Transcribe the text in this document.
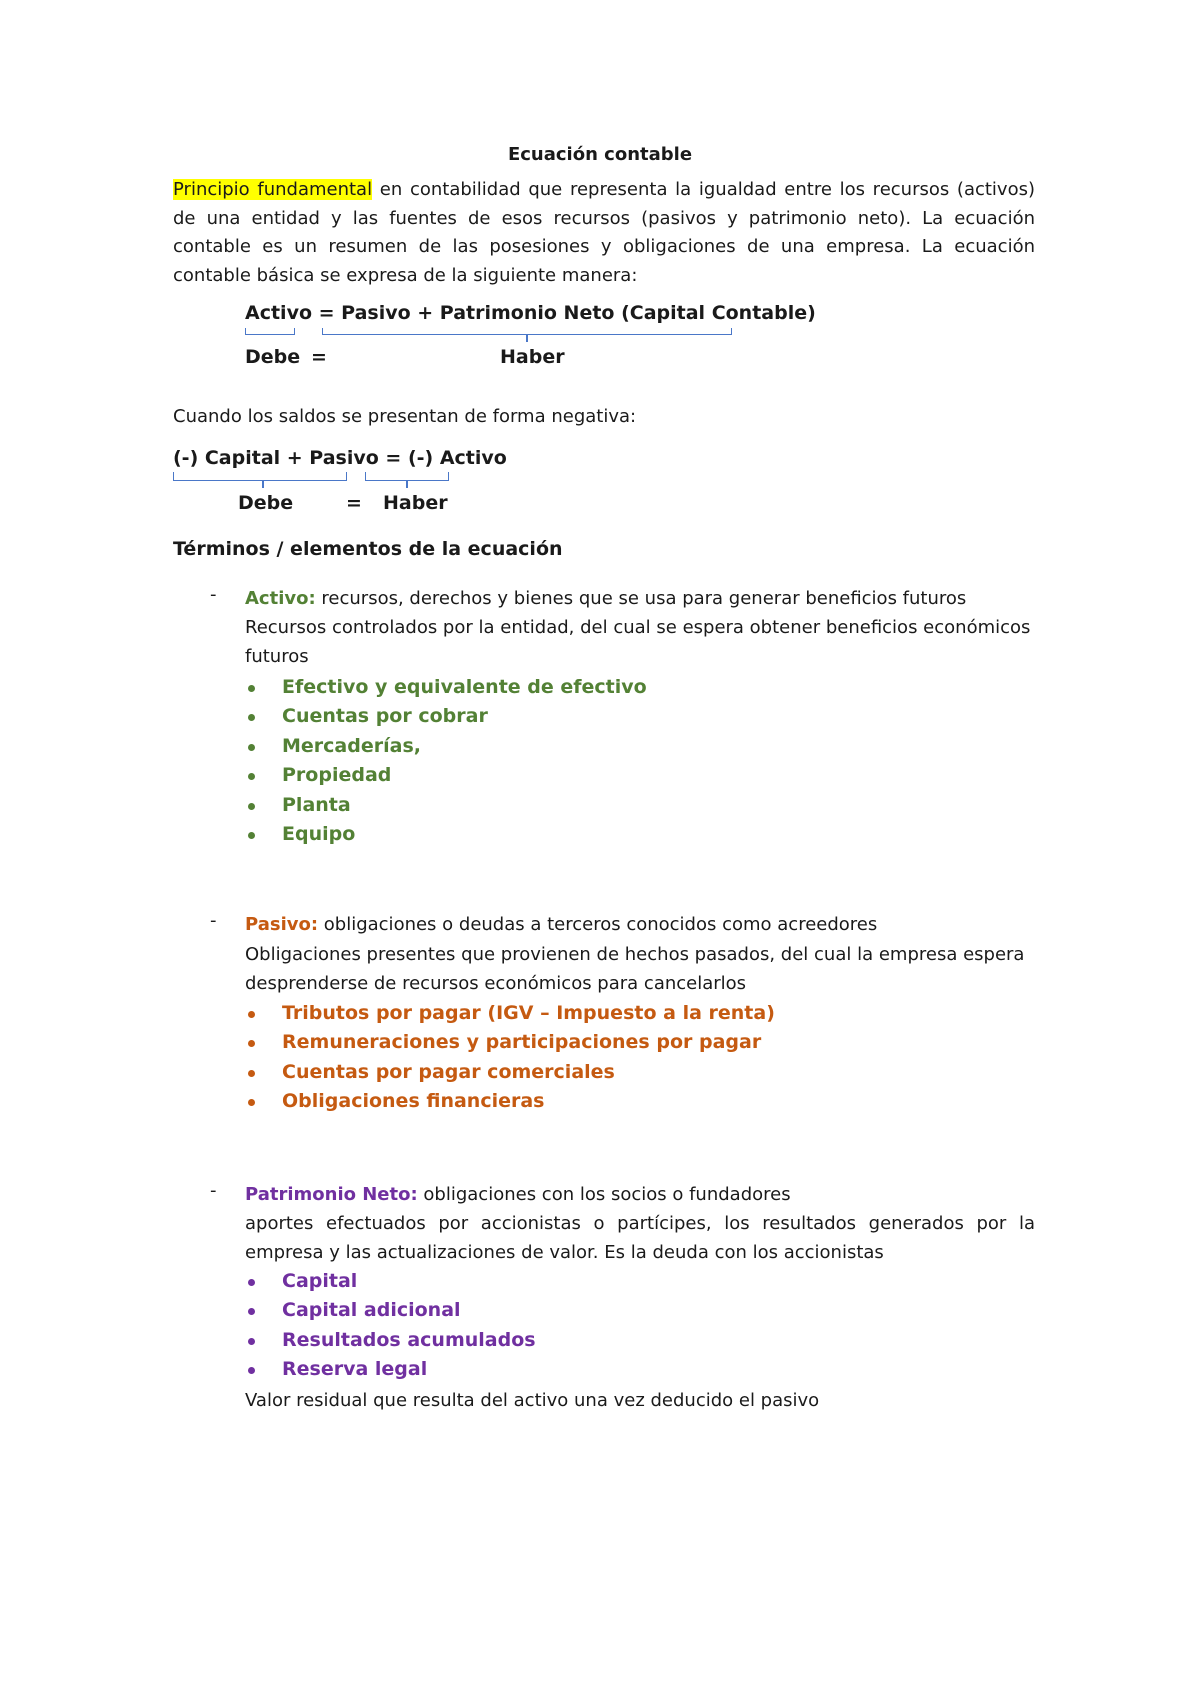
Ecuación contable
Principio fundamental en contabilidad que representa la igualdad entre los recursos (activos) de una entidad y las fuentes de esos recursos (pasivos y patrimonio neto). La ecuación contable es un resumen de las posesiones y obligaciones de una empresa. La ecuación contable básica se expresa de la siguiente manera:
Activo = Pasivo + Patrimonio Neto (Capital Contable)
Debe =	Haber
Cuando los saldos se presentan de forma negativa:
(-) Capital + Pasivo = (-) Activo
Debe	= Haber
Términos / elementos de la ecuación
- Activo: recursos, derechos y bienes que se usa para generar beneficios futuros
Recursos controlados por la entidad, del cual se espera obtener beneficios económicos
futuros
Efectivo y equivalente de efectivo
Cuentas por cobrar
Mercaderías,
Propiedad
Planta
Equipo
- Pasivo: obligaciones o deudas a terceros conocidos como acreedores
Obligaciones presentes que provienen de hechos pasados, del cual la empresa espera
desprenderse de recursos económicos para cancelarlos
Tributos por pagar (IGV – Impuesto a la renta)
Remuneraciones y participaciones por pagar
Cuentas por pagar comerciales
Obligaciones financieras
- Patrimonio Neto: obligaciones con los socios o fundadores
aportes efectuados por accionistas o partícipes, los resultados generados por la empresa y las actualizaciones de valor. Es la deuda con los accionistas
Capital
Capital adicional
Resultados acumulados
Reserva legal
Valor residual que resulta del activo una vez deducido el pasivo
